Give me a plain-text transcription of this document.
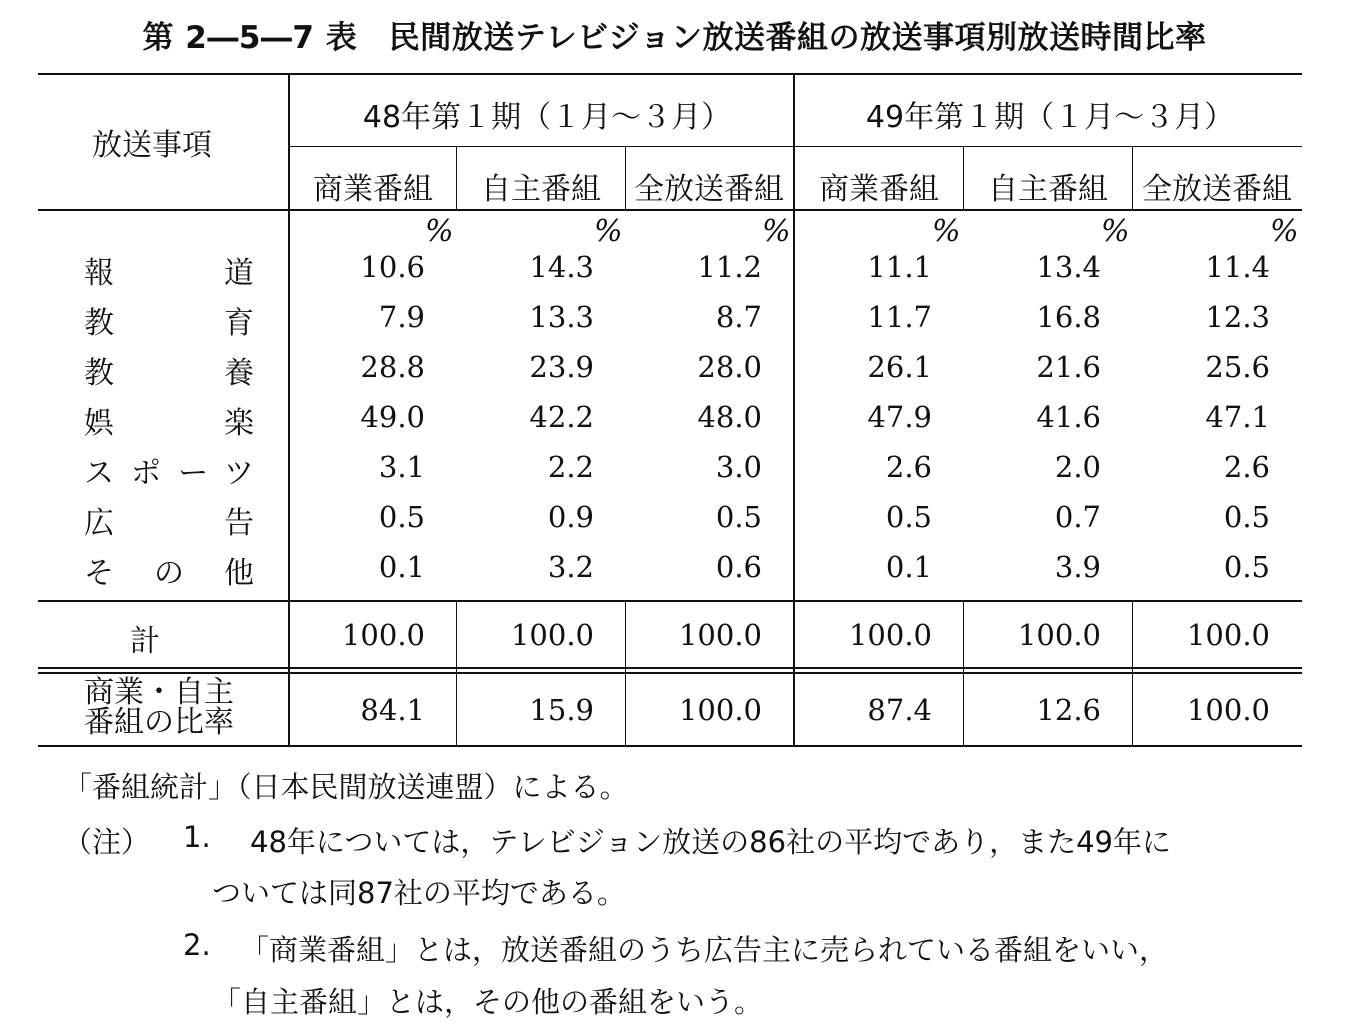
第 2―5―7 表　民間放送テレビジョン放送番組の放送事項別放送時間比率
放送事項
48年第１期（１月～３月）	49年第１期（１月～３月）
商業番組	自主番組	全放送番組	商業番組	自主番組	全放送番組
%	%	%	%	%	%
報　　道	10.6	14.3	11.2	11.1	13.4	11.4
教　　育	7.9	13.3	8.7	11.7	16.8	12.3
教　　養	28.8	23.9	28.0	26.1	21.6	25.6
娯　　楽	49.0	42.2	48.0	47.9	41.6	47.1
スポーツ	3.1	2.2	3.0	2.6	2.0	2.6
広　　告	0.5	0.9	0.5	0.5	0.7	0.5
そ の 他	0.1	3.2	0.6	0.1	3.9	0.5
計	100.0	100.0	100.0	100.0	100.0	100.0
商業・自主
番組の比率	84.1	15.9	100.0	87.4	12.6	100.0
「番組統計」（日本民間放送連盟）による。
（注） 1. 48年については，テレビジョン放送の86社の平均であり，また49年に
ついては同87社の平均である。
2. 「商業番組」とは，放送番組のうち広告主に売られている番組をいい，
「自主番組」とは，その他の番組をいう。
